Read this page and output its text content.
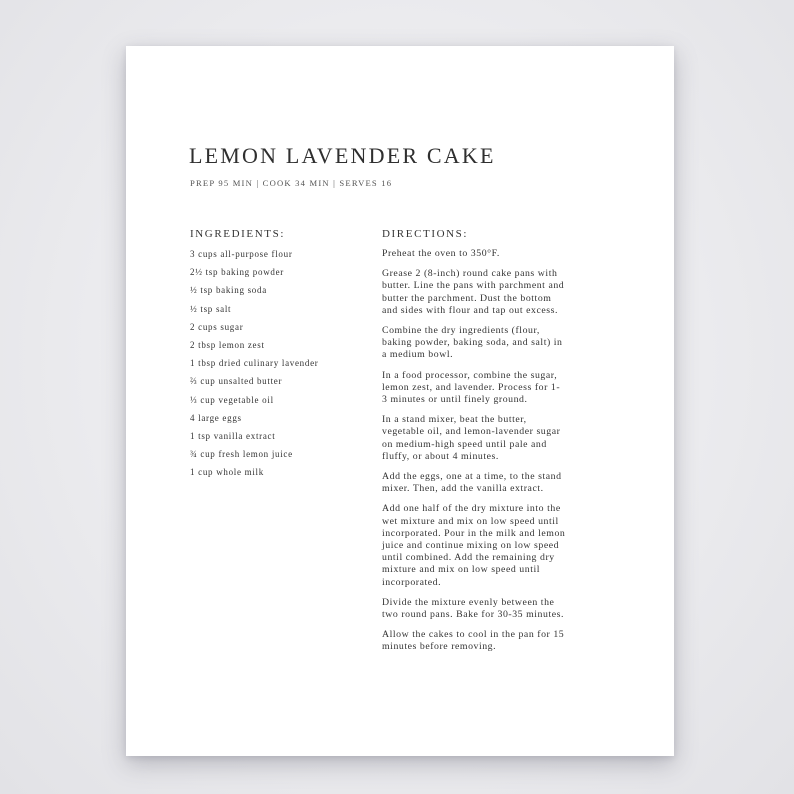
LEMON LAVENDER CAKE
PREP 95 MIN | COOK 34 MIN | SERVES 16
INGREDIENTS:
3 cups all-purpose flour
2½ tsp baking powder
½ tsp baking soda
½ tsp salt
2 cups sugar
2 tbsp lemon zest
1 tbsp dried culinary lavender
⅔ cup unsalted butter
⅓ cup vegetable oil
4 large eggs
1 tsp vanilla extract
¾ cup fresh lemon juice
1 cup whole milk
DIRECTIONS:
Preheat the oven to 350°F.
Grease 2 (8-inch) round cake pans with
butter. Line the pans with parchment and
butter the parchment. Dust the bottom
and sides with flour and tap out excess.
Combine the dry ingredients (flour,
baking powder, baking soda, and salt) in
a medium bowl.
In a food processor, combine the sugar,
lemon zest, and lavender. Process for 1-
3 minutes or until finely ground.
In a stand mixer, beat the butter,
vegetable oil, and lemon-lavender sugar
on medium-high speed until pale and
fluffy, or about 4 minutes.
Add the eggs, one at a time, to the stand
mixer. Then, add the vanilla extract.
Add one half of the dry mixture into the
wet mixture and mix on low speed until
incorporated. Pour in the milk and lemon
juice and continue mixing on low speed
until combined. Add the remaining dry
mixture and mix on low speed until
incorporated.
Divide the mixture evenly between the
two round pans. Bake for 30-35 minutes.
Allow the cakes to cool in the pan for 15
minutes before removing.
